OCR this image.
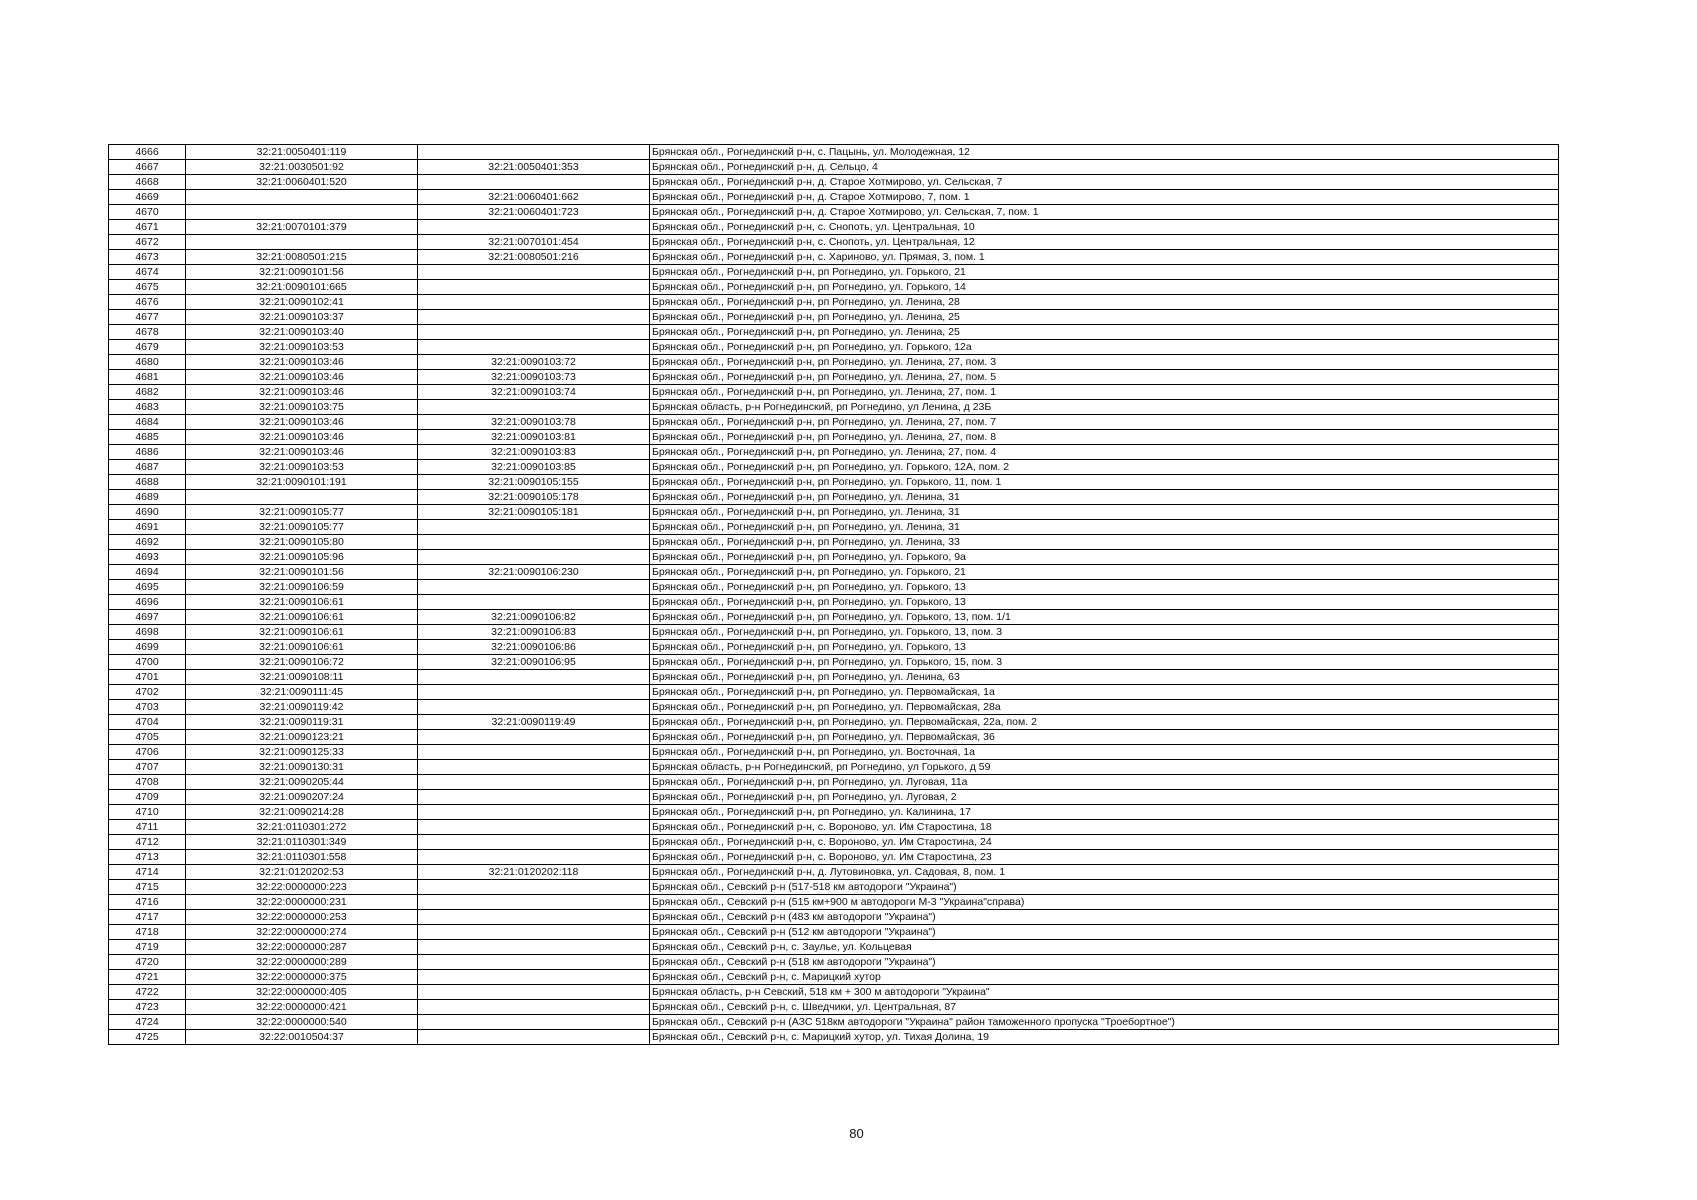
4666	32:21:0050401:119		Брянская обл., Рогнединский р-н, с. Пацынь, ул. Молодежная, 12
4667	32:21:0030501:92	32:21:0050401:353	Брянская обл., Рогнединский р-н, д. Сельцо, 4
4668	32:21:0060401:520		Брянская обл., Рогнединский р-н, д. Старое Хотмирово, ул. Сельская, 7
4669		32:21:0060401:662	Брянская обл., Рогнединский р-н, д. Старое Хотмирово, 7, пом. 1
4670		32:21:0060401:723	Брянская обл., Рогнединский р-н, д. Старое Хотмирово, ул. Сельская, 7, пом. 1
4671	32:21:0070101:379		Брянская обл., Рогнединский р-н, с. Снопоть, ул. Центральная, 10
4672		32:21:0070101:454	Брянская обл., Рогнединский р-н, с. Снопоть, ул. Центральная, 12
4673	32:21:0080501:215	32:21:0080501:216	Брянская обл., Рогнединский р-н, с. Хариново, ул. Прямая, 3, пом. 1
4674	32:21:0090101:56		Брянская обл., Рогнединский р-н, рп Рогнедино, ул. Горького, 21
4675	32:21:0090101:665		Брянская обл., Рогнединский р-н, рп Рогнедино, ул. Горького, 14
4676	32:21:0090102:41		Брянская обл., Рогнединский р-н, рп Рогнедино, ул. Ленина, 28
4677	32:21:0090103:37		Брянская обл., Рогнединский р-н, рп Рогнедино, ул. Ленина, 25
4678	32:21:0090103:40		Брянская обл., Рогнединский р-н, рп Рогнедино, ул. Ленина, 25
4679	32:21:0090103:53		Брянская обл., Рогнединский р-н, рп Рогнедино, ул. Горького, 12а
4680	32:21:0090103:46	32:21:0090103:72	Брянская обл., Рогнединский р-н, рп Рогнедино, ул. Ленина, 27, пом. 3
4681	32:21:0090103:46	32:21:0090103:73	Брянская обл., Рогнединский р-н, рп Рогнедино, ул. Ленина, 27, пом. 5
4682	32:21:0090103:46	32:21:0090103:74	Брянская обл., Рогнединский р-н, рп Рогнедино, ул. Ленина, 27, пом. 1
4683	32:21:0090103:75		Брянская область, р-н Рогнединский, рп Рогнедино, ул Ленина, д 23Б
4684	32:21:0090103:46	32:21:0090103:78	Брянская обл., Рогнединский р-н, рп Рогнедино, ул. Ленина, 27, пом. 7
4685	32:21:0090103:46	32:21:0090103:81	Брянская обл., Рогнединский р-н, рп Рогнедино, ул. Ленина, 27, пом. 8
4686	32:21:0090103:46	32:21:0090103:83	Брянская обл., Рогнединский р-н, рп Рогнедино, ул. Ленина, 27, пом. 4
4687	32:21:0090103:53	32:21:0090103:85	Брянская обл., Рогнединский р-н, рп Рогнедино, ул. Горького, 12А, пом. 2
4688	32:21:0090101:191	32:21:0090105:155	Брянская обл., Рогнединский р-н, рп Рогнедино, ул. Горького, 11, пом. 1
4689		32:21:0090105:178	Брянская обл., Рогнединский р-н, рп Рогнедино, ул. Ленина, 31
4690	32:21:0090105:77	32:21:0090105:181	Брянская обл., Рогнединский р-н, рп Рогнедино, ул. Ленина, 31
4691	32:21:0090105:77		Брянская обл., Рогнединский р-н, рп Рогнедино, ул. Ленина, 31
4692	32:21:0090105:80		Брянская обл., Рогнединский р-н, рп Рогнедино, ул. Ленина, 33
4693	32:21:0090105:96		Брянская обл., Рогнединский р-н, рп Рогнедино, ул. Горького, 9а
4694	32:21:0090101:56	32:21:0090106:230	Брянская обл., Рогнединский р-н, рп Рогнедино, ул. Горького, 21
4695	32:21:0090106:59		Брянская обл., Рогнединский р-н, рп Рогнедино, ул. Горького, 13
4696	32:21:0090106:61		Брянская обл., Рогнединский р-н, рп Рогнедино, ул. Горького, 13
4697	32:21:0090106:61	32:21:0090106:82	Брянская обл., Рогнединский р-н, рп Рогнедино, ул. Горького, 13, пом. 1/1
4698	32:21:0090106:61	32:21:0090106:83	Брянская обл., Рогнединский р-н, рп Рогнедино, ул. Горького, 13, пом. 3
4699	32:21:0090106:61	32:21:0090106:86	Брянская обл., Рогнединский р-н, рп Рогнедино, ул. Горького, 13
4700	32:21:0090106:72	32:21:0090106:95	Брянская обл., Рогнединский р-н, рп Рогнедино, ул. Горького, 15, пом. 3
4701	32:21:0090108:11		Брянская обл., Рогнединский р-н, рп Рогнедино, ул. Ленина, 63
4702	32:21:0090111:45		Брянская обл., Рогнединский р-н, рп Рогнедино, ул. Первомайская, 1а
4703	32:21:0090119:42		Брянская обл., Рогнединский р-н, рп Рогнедино, ул. Первомайская, 28а
4704	32:21:0090119:31	32:21:0090119:49	Брянская обл., Рогнединский р-н, рп Рогнедино, ул. Первомайская, 22а, пом. 2
4705	32:21:0090123:21		Брянская обл., Рогнединский р-н, рп Рогнедино, ул. Первомайская, 36
4706	32:21:0090125:33		Брянская обл., Рогнединский р-н, рп Рогнедино, ул. Восточная, 1а
4707	32:21:0090130:31		Брянская область, р-н Рогнединский, рп Рогнедино, ул Горького, д 59
4708	32:21:0090205:44		Брянская обл., Рогнединский р-н, рп Рогнедино, ул. Луговая, 11а
4709	32:21:0090207:24		Брянская обл., Рогнединский р-н, рп Рогнедино, ул. Луговая, 2
4710	32:21:0090214:28		Брянская обл., Рогнединский р-н, рп Рогнедино, ул. Калинина, 17
4711	32:21:0110301:272		Брянская обл., Рогнединский р-н, с. Вороново, ул. Им Старостина, 18
4712	32:21:0110301:349		Брянская обл., Рогнединский р-н, с. Вороново, ул. Им Старостина, 24
4713	32:21:0110301:558		Брянская обл., Рогнединский р-н, с. Вороново, ул. Им Старостина, 23
4714	32:21:0120202:53	32:21:0120202:118	Брянская обл., Рогнединский р-н, д. Лутовиновка, ул. Садовая, 8, пом. 1
4715	32:22:0000000:223		Брянская обл., Севский р-н (517-518 км автодороги "Украина")
4716	32:22:0000000:231		Брянская обл., Севский р-н (515 км+900 м автодороги М-3 "Украина"справа)
4717	32:22:0000000:253		Брянская обл., Севский р-н (483 км автодороги "Украина")
4718	32:22:0000000:274		Брянская обл., Севский р-н (512 км автодороги "Украина")
4719	32:22:0000000:287		Брянская обл., Севский р-н, с. Заулье, ул. Кольцевая
4720	32:22:0000000:289		Брянская обл., Севский р-н (518 км автодороги "Украина")
4721	32:22:0000000:375		Брянская обл., Севский р-н, с. Марицкий хутор
4722	32:22:0000000:405		Брянская область, р-н Севский, 518 км + 300 м автодороги "Украина"
4723	32:22:0000000:421		Брянская обл., Севский р-н, с. Шведчики, ул. Центральная, 87
4724	32:22:0000000:540		Брянская обл., Севский р-н (АЗС 518км автодороги "Украина" район таможенного пропуска "Троебортное")
4725	32:22:0010504:37		Брянская обл., Севский р-н, с. Марицкий хутор, ул. Тихая Долина, 19
80
